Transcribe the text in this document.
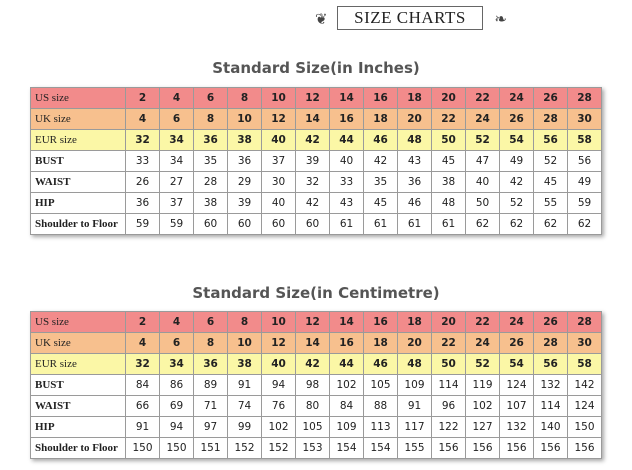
❦	SIZE CHARTS	❧
Standard Size(in Inches)
US size	2	4	6	8	10	12	14	16	18	20	22	24	26	28
UK size	4	6	8	10	12	14	16	18	20	22	24	26	28	30
EUR size	32	34	36	38	40	42	44	46	48	50	52	54	56	58
BUST	33	34	35	36	37	39	40	42	43	45	47	49	52	56
WAIST	26	27	28	29	30	32	33	35	36	38	40	42	45	49
HIP	36	37	38	39	40	42	43	45	46	48	50	52	55	59
Shoulder to Floor	59	59	60	60	60	60	61	61	61	61	62	62	62	62
Standard Size(in Centimetre)
US size	2	4	6	8	10	12	14	16	18	20	22	24	26	28
UK size	4	6	8	10	12	14	16	18	20	22	24	26	28	30
EUR size	32	34	36	38	40	42	44	46	48	50	52	54	56	58
BUST	84	86	89	91	94	98	102	105	109	114	119	124	132	142
WAIST	66	69	71	74	76	80	84	88	91	96	102	107	114	124
HIP	91	94	97	99	102	105	109	113	117	122	127	132	140	150
Shoulder to Floor	150	150	151	152	152	153	154	154	155	156	156	156	156	156
